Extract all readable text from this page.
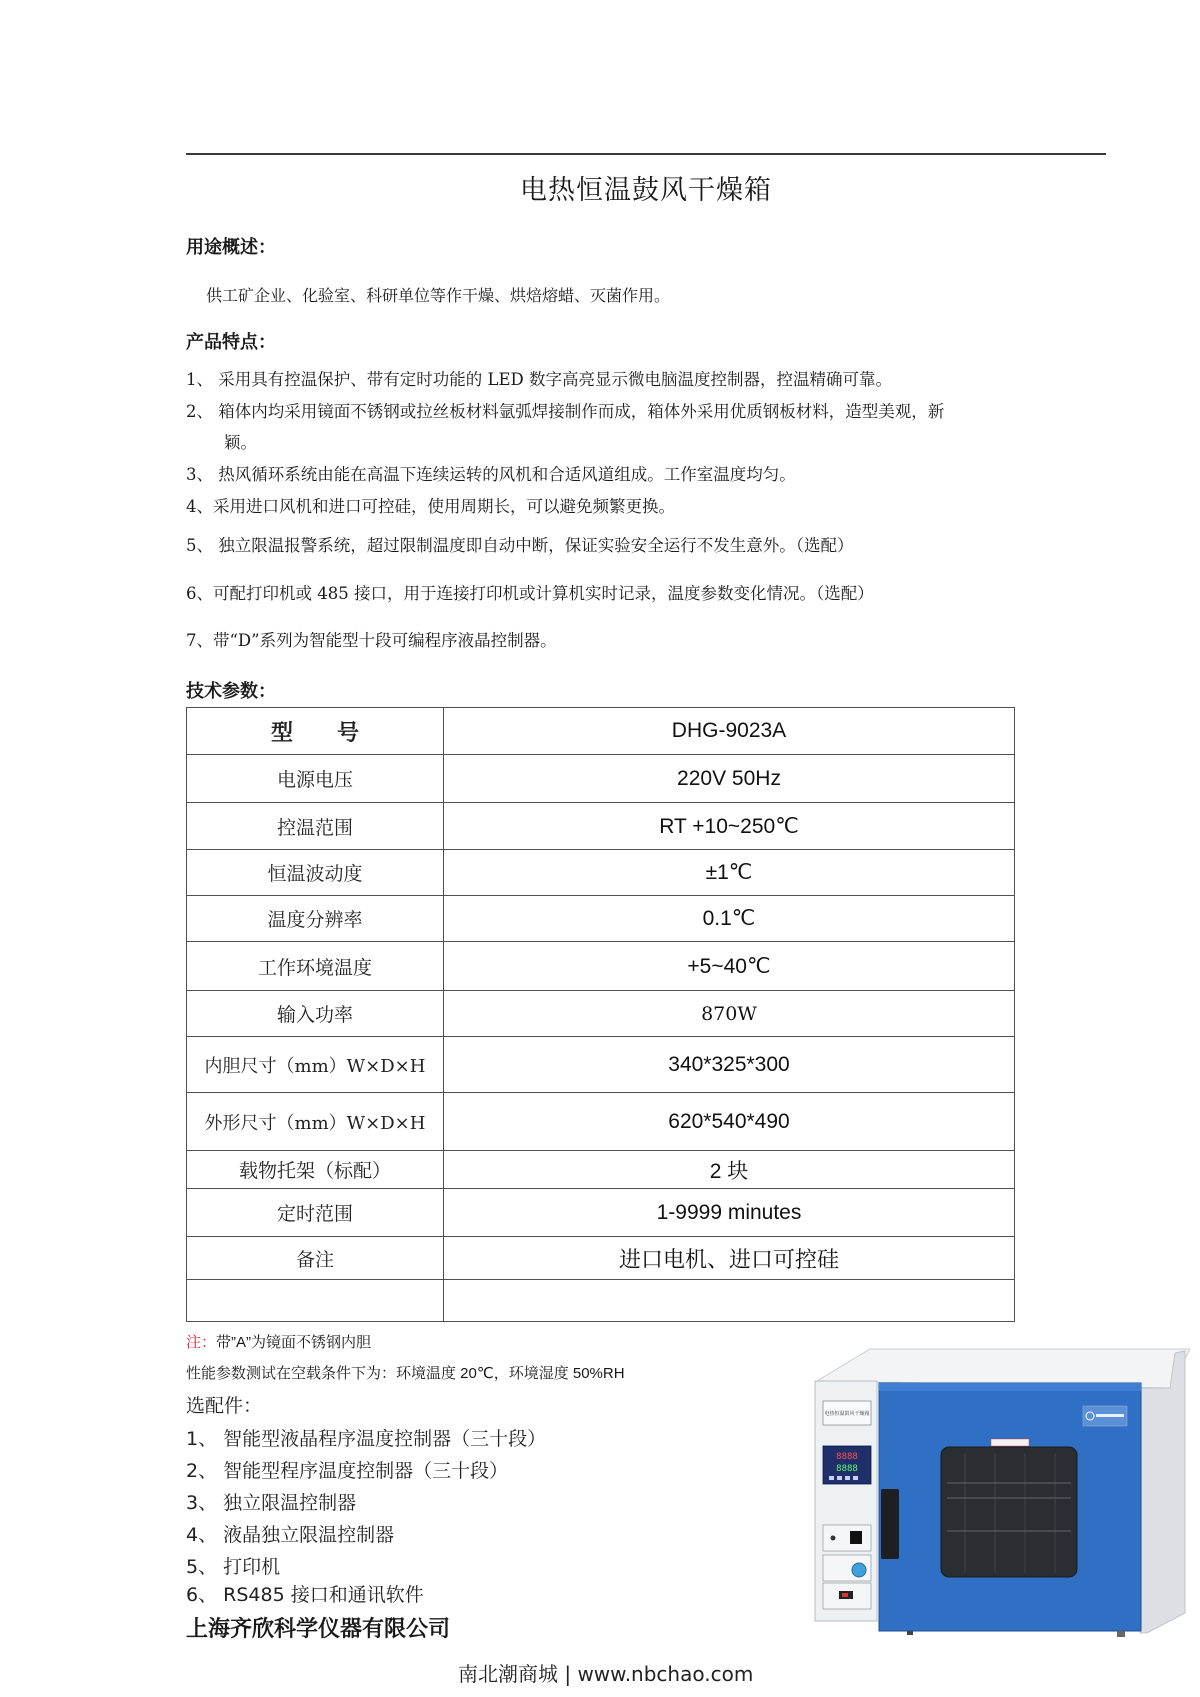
电热恒温鼓风干燥箱
用途概述：
供工矿企业、化验室、科研单位等作干燥、烘焙熔蜡、灭菌作用。
产品特点：
1、 采用具有控温保护、带有定时功能的 LED 数字高亮显示微电脑温度控制器，控温精确可靠。
2、 箱体内均采用镜面不锈钢或拉丝板材料氩弧焊接制作而成，箱体外采用优质钢板材料，造型美观，新
颖。
3、 热风循环系统由能在高温下连续运转的风机和合适风道组成。工作室温度均匀。
4、采用进口风机和进口可控硅，使用周期长，可以避免频繁更换。
5、 独立限温报警系统，超过限制温度即自动中断，保证实验安全运行不发生意外。（选配）
6、可配打印机或 485 接口，用于连接打印机或计算机实时记录，温度参数变化情况。（选配）
7、带“D”系列为智能型十段可编程序液晶控制器。
技术参数：
型　　号	DHG-9023A
电源电压	220V 50Hz
控温范围	RT +10~250℃
恒温波动度	±1℃
温度分辨率	0.1℃
工作环境温度	+5~40℃
输入功率	870W
内胆尺寸（mm）W×D×H	340*325*300
外形尺寸（mm）W×D×H	620*540*490
载物托架（标配）	2 块
定时范围	1-9999 minutes
备注	进口电机、进口可控硅

注：带”A”为镜面不锈钢内胆
性能参数测试在空载条件下为：环境温度 20℃，环境湿度 50%RH
选配件：
1、 智能型液晶程序温度控制器（三十段）
2、 智能型程序温度控制器（三十段）
3、 独立限温控制器
4、 液晶独立限温控制器
5、 打印机
6、 RS485 接口和通讯软件
上海齐欣科学仪器有限公司
南北潮商城 | www.nbchao.com
电热恒温鼓风干燥箱
8888
8888
